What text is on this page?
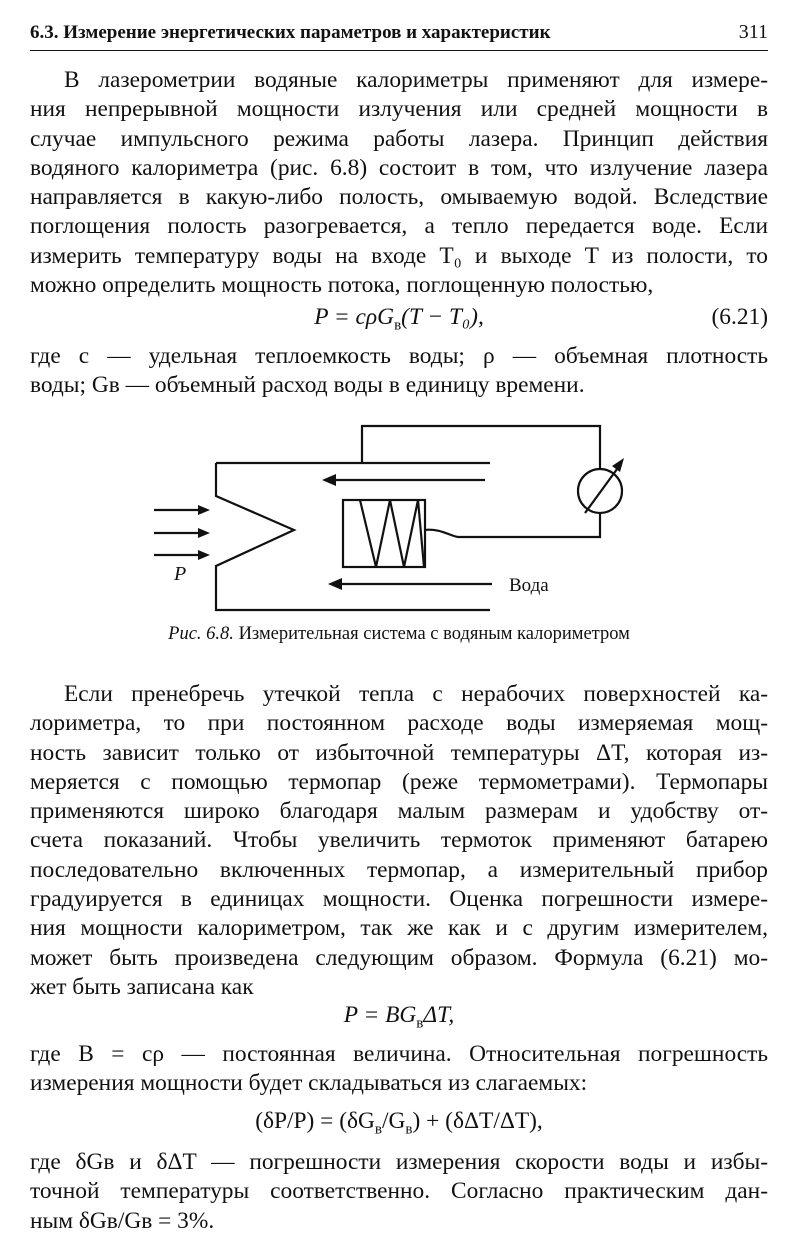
6.3. Измерение энергетических параметров и характеристик	311

В лазерометрии водяные калориметры применяют для измере-
ния непрерывной мощности излучения или средней мощности в
случае импульсного режима работы лазера. Принцип действия
водяного калориметра (рис. 6.8) состоит в том, что излучение лазера
направляется в какую-либо полость, омываемую водой. Вследствие
поглощения полость разогревается, а тепло передается воде. Если
измерить температуру воды на входе T₀ и выходе T из полости, то
можно определить мощность потока, поглощенную полостью,

P = cρG$_в$(T − T₀),	(6.21)

где c — удельная теплоемкость воды; ρ — объемная плотность
воды; Gв — объемный расход воды в единицу времени.

P
Вода
Рис. 6.8. Измерительная система с водяным калориметром

Если пренебречь утечкой тепла с нерабочих поверхностей ка-
лориметра, то при постоянном расходе воды измеряемая мощ-
ность зависит только от избыточной температуры ΔT, которая из-
меряется с помощью термопар (реже термометрами). Термопары
применяются широко благодаря малым размерам и удобству от-
счета показаний. Чтобы увеличить термоток применяют батарею
последовательно включенных термопар, а измерительный прибор
градуируется в единицах мощности. Оценка погрешности измере-
ния мощности калориметром, так же как и с другим измерителем,
может быть произведена следующим образом. Формула (6.21) мо-
жет быть записана как

$P = BG_в\Delta T$,

где B = cρ — постоянная величина. Относительная погрешность
измерения мощности будет складываться из слагаемых:

$(\delta P/P) = (\delta G_в/G_в) + (\delta\Delta T/\Delta T)$,

где δGв и δΔT — погрешности измерения скорости воды и избы-
точной температуры соответственно. Согласно практическим дан-
ным δGв/Gв = 3%.
